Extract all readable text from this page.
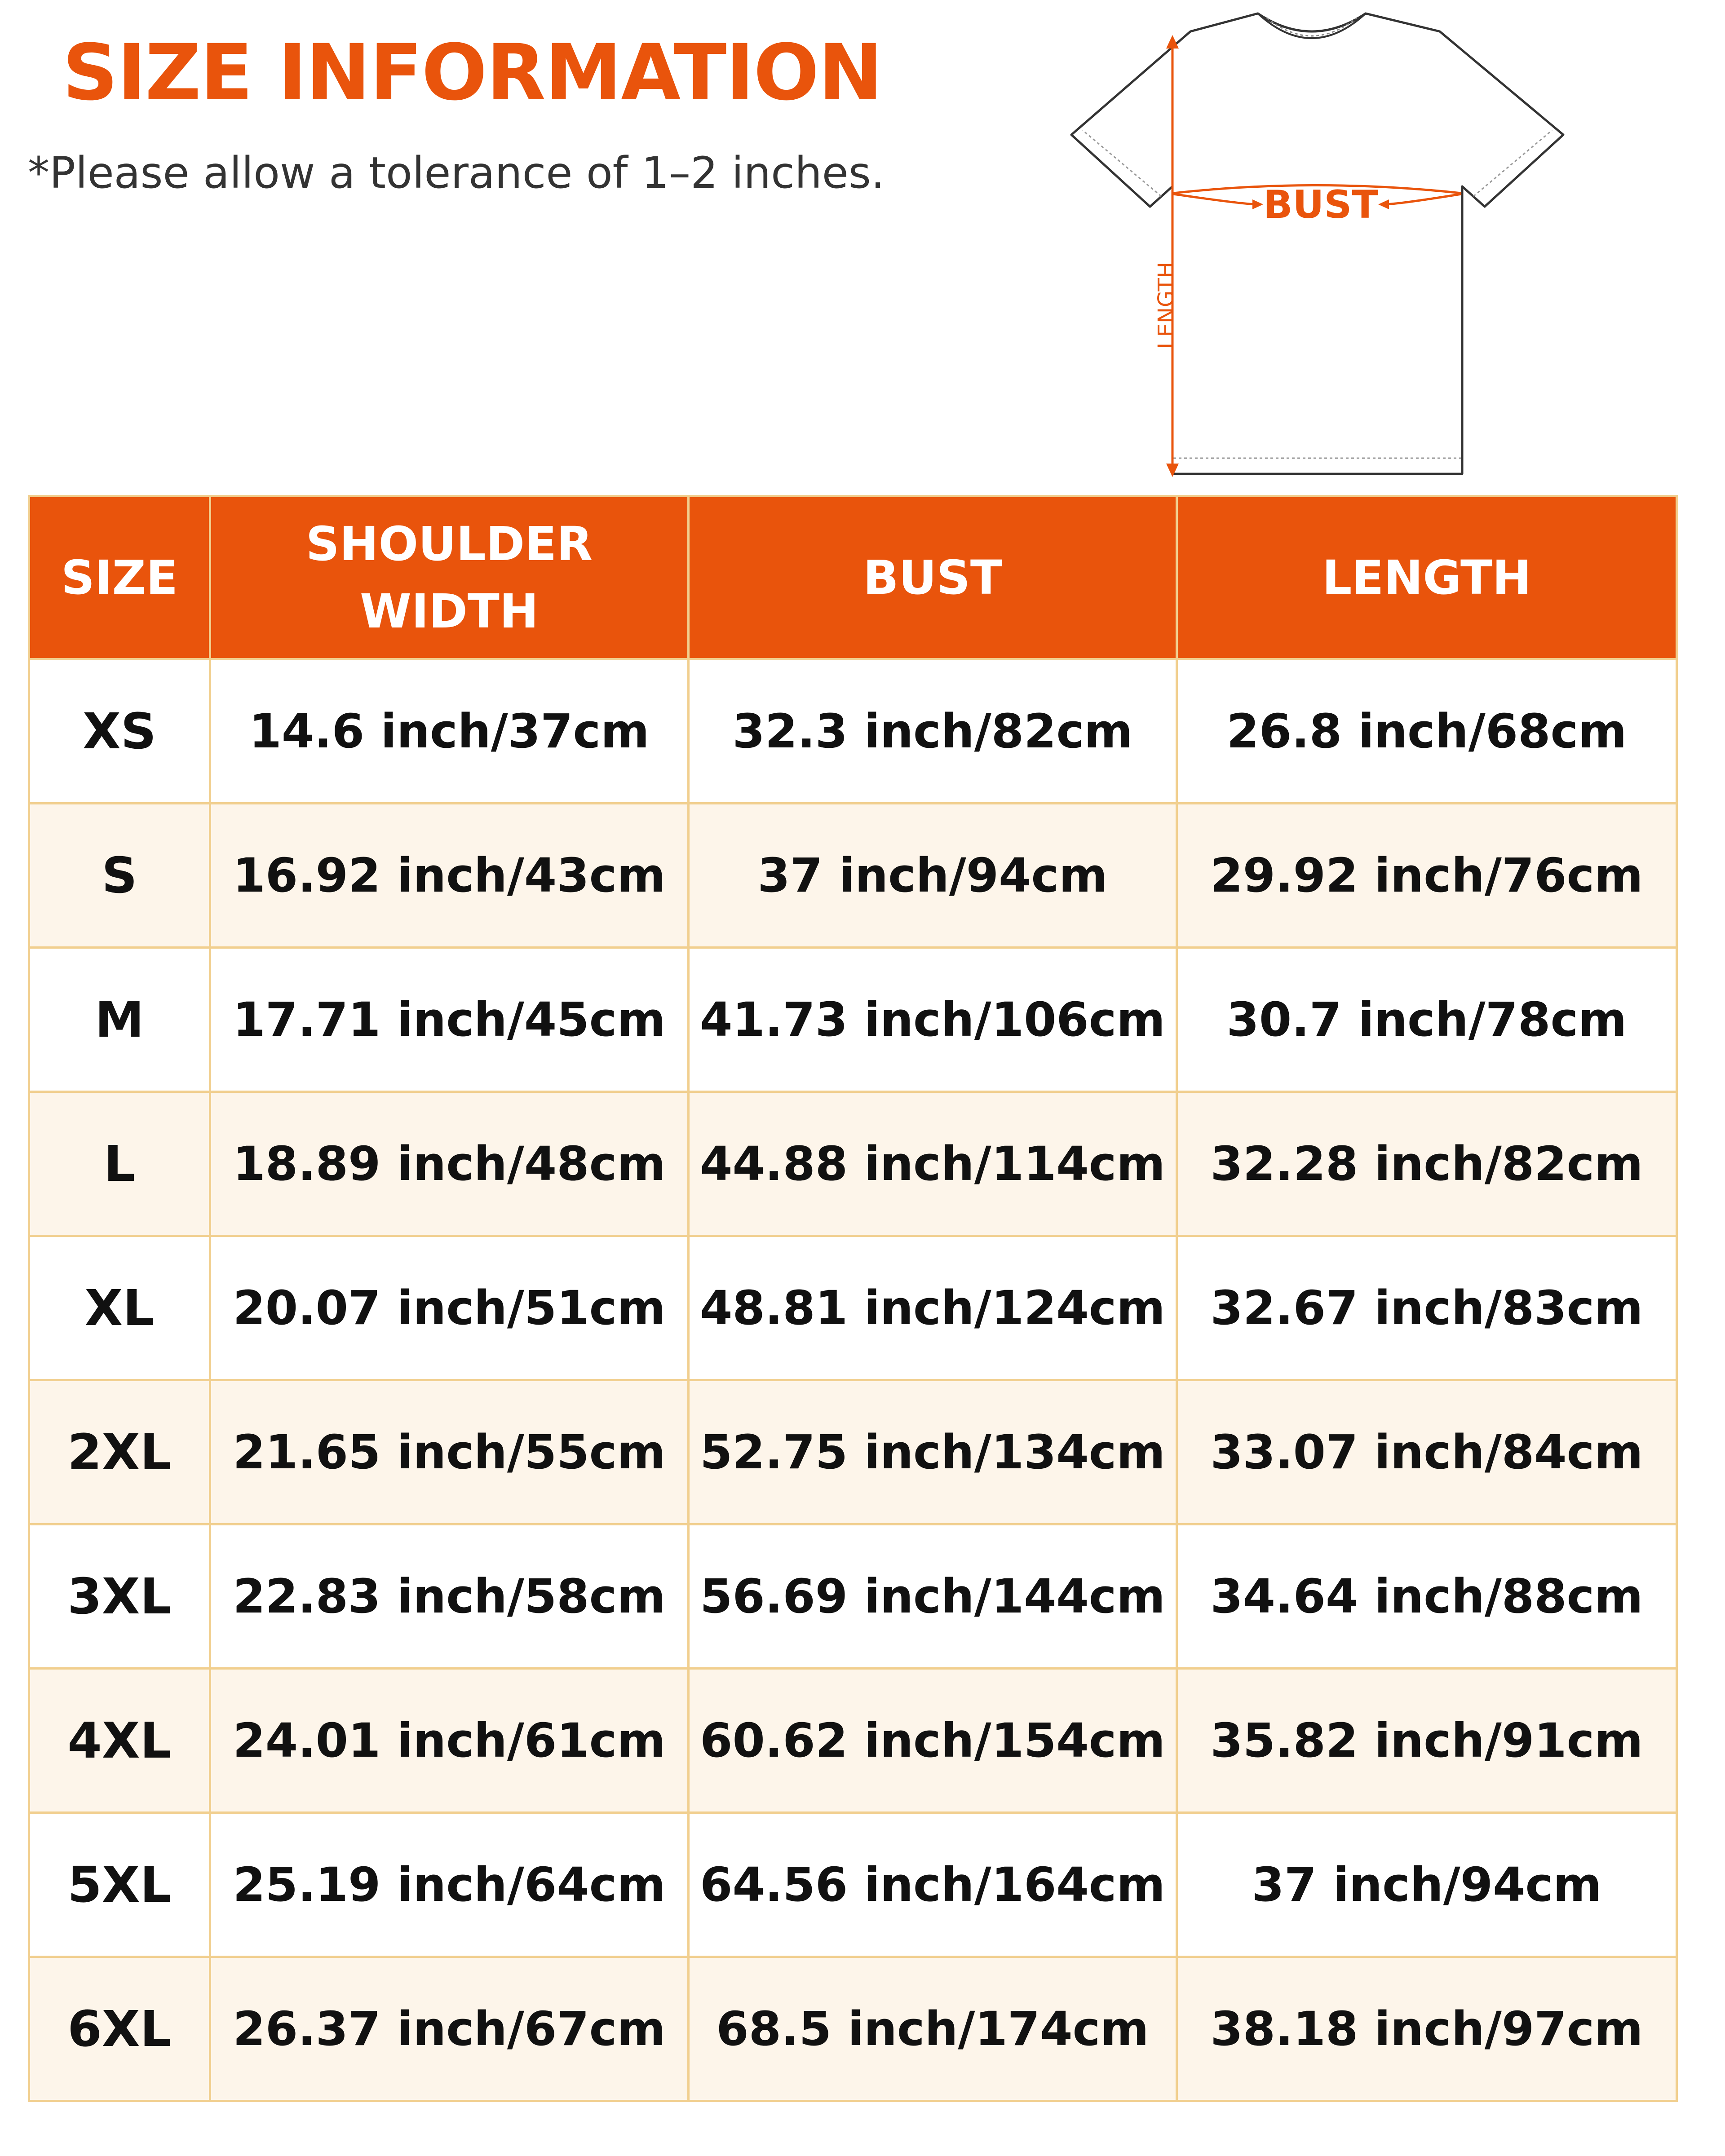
SIZE INFORMATION
*Please allow a tolerance of 1–2 inches.
BUST
LENGTH
SIZE	SHOULDER WIDTH	BUST	LENGTH
XS	14.6 inch/37cm	32.3 inch/82cm	26.8 inch/68cm
S	16.92 inch/43cm	37 inch/94cm	29.92 inch/76cm
M	17.71 inch/45cm	41.73 inch/106cm	30.7 inch/78cm
L	18.89 inch/48cm	44.88 inch/114cm	32.28 inch/82cm
XL	20.07 inch/51cm	48.81 inch/124cm	32.67 inch/83cm
2XL	21.65 inch/55cm	52.75 inch/134cm	33.07 inch/84cm
3XL	22.83 inch/58cm	56.69 inch/144cm	34.64 inch/88cm
4XL	24.01 inch/61cm	60.62 inch/154cm	35.82 inch/91cm
5XL	25.19 inch/64cm	64.56 inch/164cm	37 inch/94cm
6XL	26.37 inch/67cm	68.5 inch/174cm	38.18 inch/97cm
